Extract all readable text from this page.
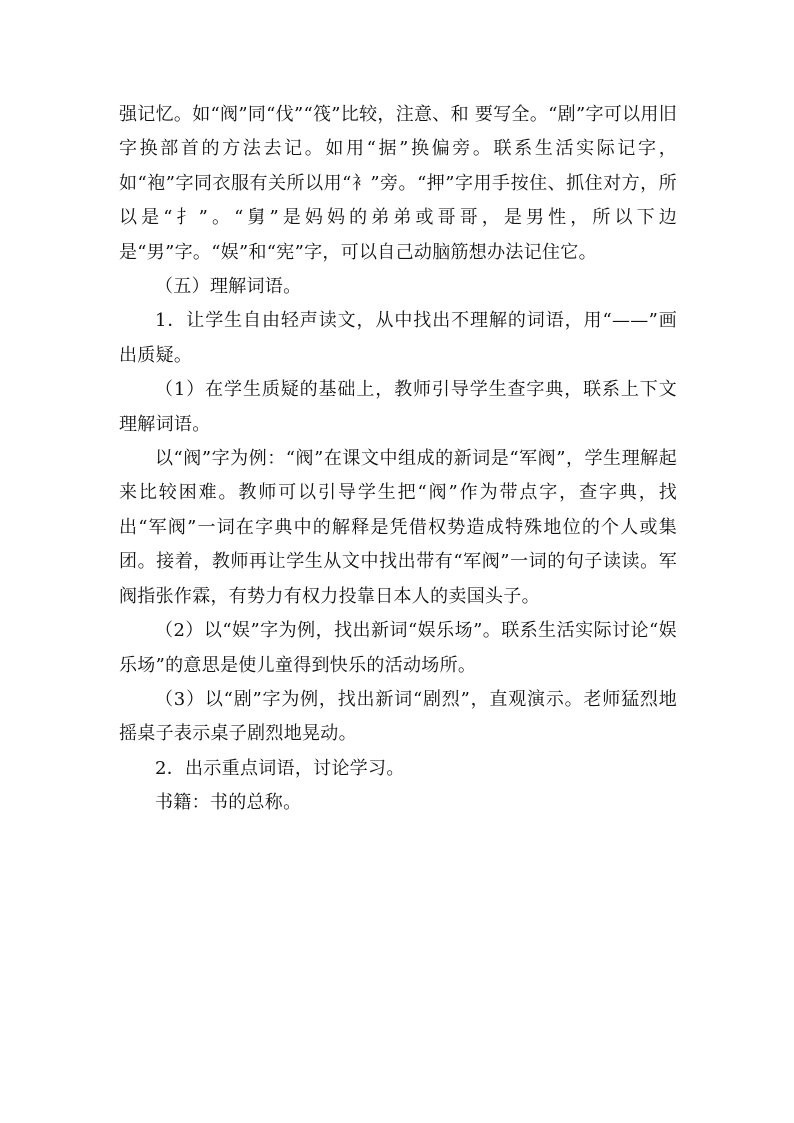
强记忆。如“阀”同“伐”“筏”比较，注意、和 要写全。“剧”字可以用旧字换部首的方法去记。如用“据”换偏旁。联系生活实际记字，如“袍”字同衣服有关所以用“衤”旁。“押”字用手按住、抓住对方，所以是“扌”。“舅”是妈妈的弟弟或哥哥，是男性，所以下边是“男”字。“娱”和“宪”字，可以自己动脑筋想办法记住它。

（五）理解词语。

1．让学生自由轻声读文，从中找出不理解的词语，用“——”画出质疑。

（1）在学生质疑的基础上，教师引导学生查字典，联系上下文理解词语。

以“阀”字为例：“阀”在课文中组成的新词是“军阀”，学生理解起来比较困难。教师可以引导学生把“阀”作为带点字，查字典，找出“军阀”一词在字典中的解释是凭借权势造成特殊地位的个人或集团。接着，教师再让学生从文中找出带有“军阀”一词的句子读读。军阀指张作霖，有势力有权力投靠日本人的卖国头子。

（2）以“娱”字为例，找出新词“娱乐场”。联系生活实际讨论“娱乐场”的意思是使儿童得到快乐的活动场所。

（3）以“剧”字为例，找出新词“剧烈”，直观演示。老师猛烈地摇桌子表示桌子剧烈地晃动。

2．出示重点词语，讨论学习。

书籍：书的总称。
